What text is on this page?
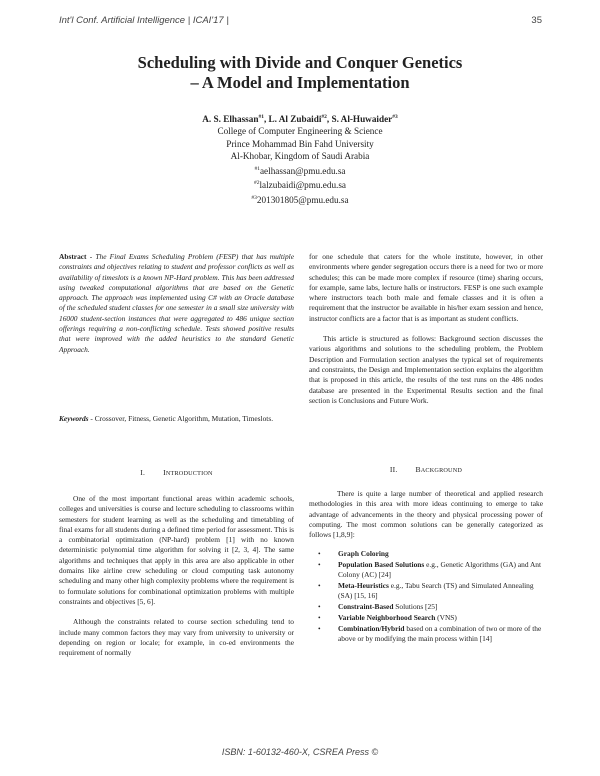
Int'l Conf. Artificial Intelligence | ICAI'17 |	35
Scheduling with Divide and Conquer Genetics
– A Model and Implementation
A. S. Elhassan$^{\#1}$, L. Al Zubaidi$^{\#2}$, S. Al-Huwaider$^{\#3}$
College of Computer Engineering & Science
Prince Mohammad Bin Fahd University
Al-Khobar, Kingdom of Saudi Arabia
$^{\#1}$aelhassan@pmu.edu.sa
$^{\#2}$lalzubaidi@pmu.edu.sa
$^{\#3}$201301805@pmu.edu.sa
Abstract - The Final Exams Scheduling Problem (FESP) that has multiple constraints and objectives relating to student and professor conflicts as well as availability of timeslots is a known NP-Hard problem. This has been addressed using tweaked computational algorithms that are based on the Genetic approach. The approach was implemented using C# with an Oracle database of the scheduled student classes for one semester in a small size university with 16000 student-section instances that were aggregated to 486 unique section offerings requiring a non-conflicting schedule. Tests showed positive results that were improved with the added heuristics to the standard Genetic Approach.
Keywords - Crossover, Fitness, Genetic Algorithm, Mutation, Timeslots.
I. INTRODUCTION

One of the most important functional areas within academic schools, colleges and universities is course and lecture scheduling to classrooms within semesters for student learning as well as the scheduling and timetabling of final exams for all students during a defined time period for assessment. This is a combinatorial optimization (NP-hard) problem [1] with no known deterministic polynomial time algorithm for solving it [2, 3, 4]. The same algorithms and techniques that apply in this area are also applicable in other domains like airline crew scheduling or cloud computing task autonomy scheduling and many other high complexity problems where the requirement is to formulate solutions for combinational optimization problems with multiple constraints and objectives [5, 6].

Although the constraints related to course section scheduling tend to include many common factors they may vary from university to university or depending on region or locale; for example, in co-ed environments the requirement of normally

for one schedule that caters for the whole institute, however, in other environments where gender segregation occurs there is a need for two or more schedules; this can be made more complex if resource (time) sharing occurs, for example, same labs, lecture halls or instructors. FESP is one such example where instructors teach both male and female classes and it is often a requirement that the instructor be available in his/her exam session and hence, instructor conflicts are a factor that is as important as student conflicts.

This article is structured as follows: Background section discusses the various algorithms and solutions to the scheduling problem, the Problem Description and Formulation section analyses the typical set of requirements and constraints, the Design and Implementation section explains the algorithm that is proposed in this article, the results of the test runs on the 486 nodes database are presented in the Experimental Results section and the final section is Conclusions and Future Work.

II. BACKGROUND

There is quite a large number of theoretical and applied research methodologies in this area with more ideas continuing to emerge to take advantage of advancements in the theory and physical processing power of computing. The most common solutions can be generally categorized as follows [1,8,9]:

• Graph Coloring
• Population Based Solutions e.g., Genetic Algorithms (GA) and Ant Colony (AC) [24]
• Meta-Heuristics e.g., Tabu Search (TS) and Simulated Annealing (SA) [15, 16]
• Constraint-Based Solutions [25]
• Variable Neighborhood Search (VNS)
• Combination/Hybrid based on a combination of two or more of the above or by modifying the main process within [14]
ISBN: 1-60132-460-X, CSREA Press ©
